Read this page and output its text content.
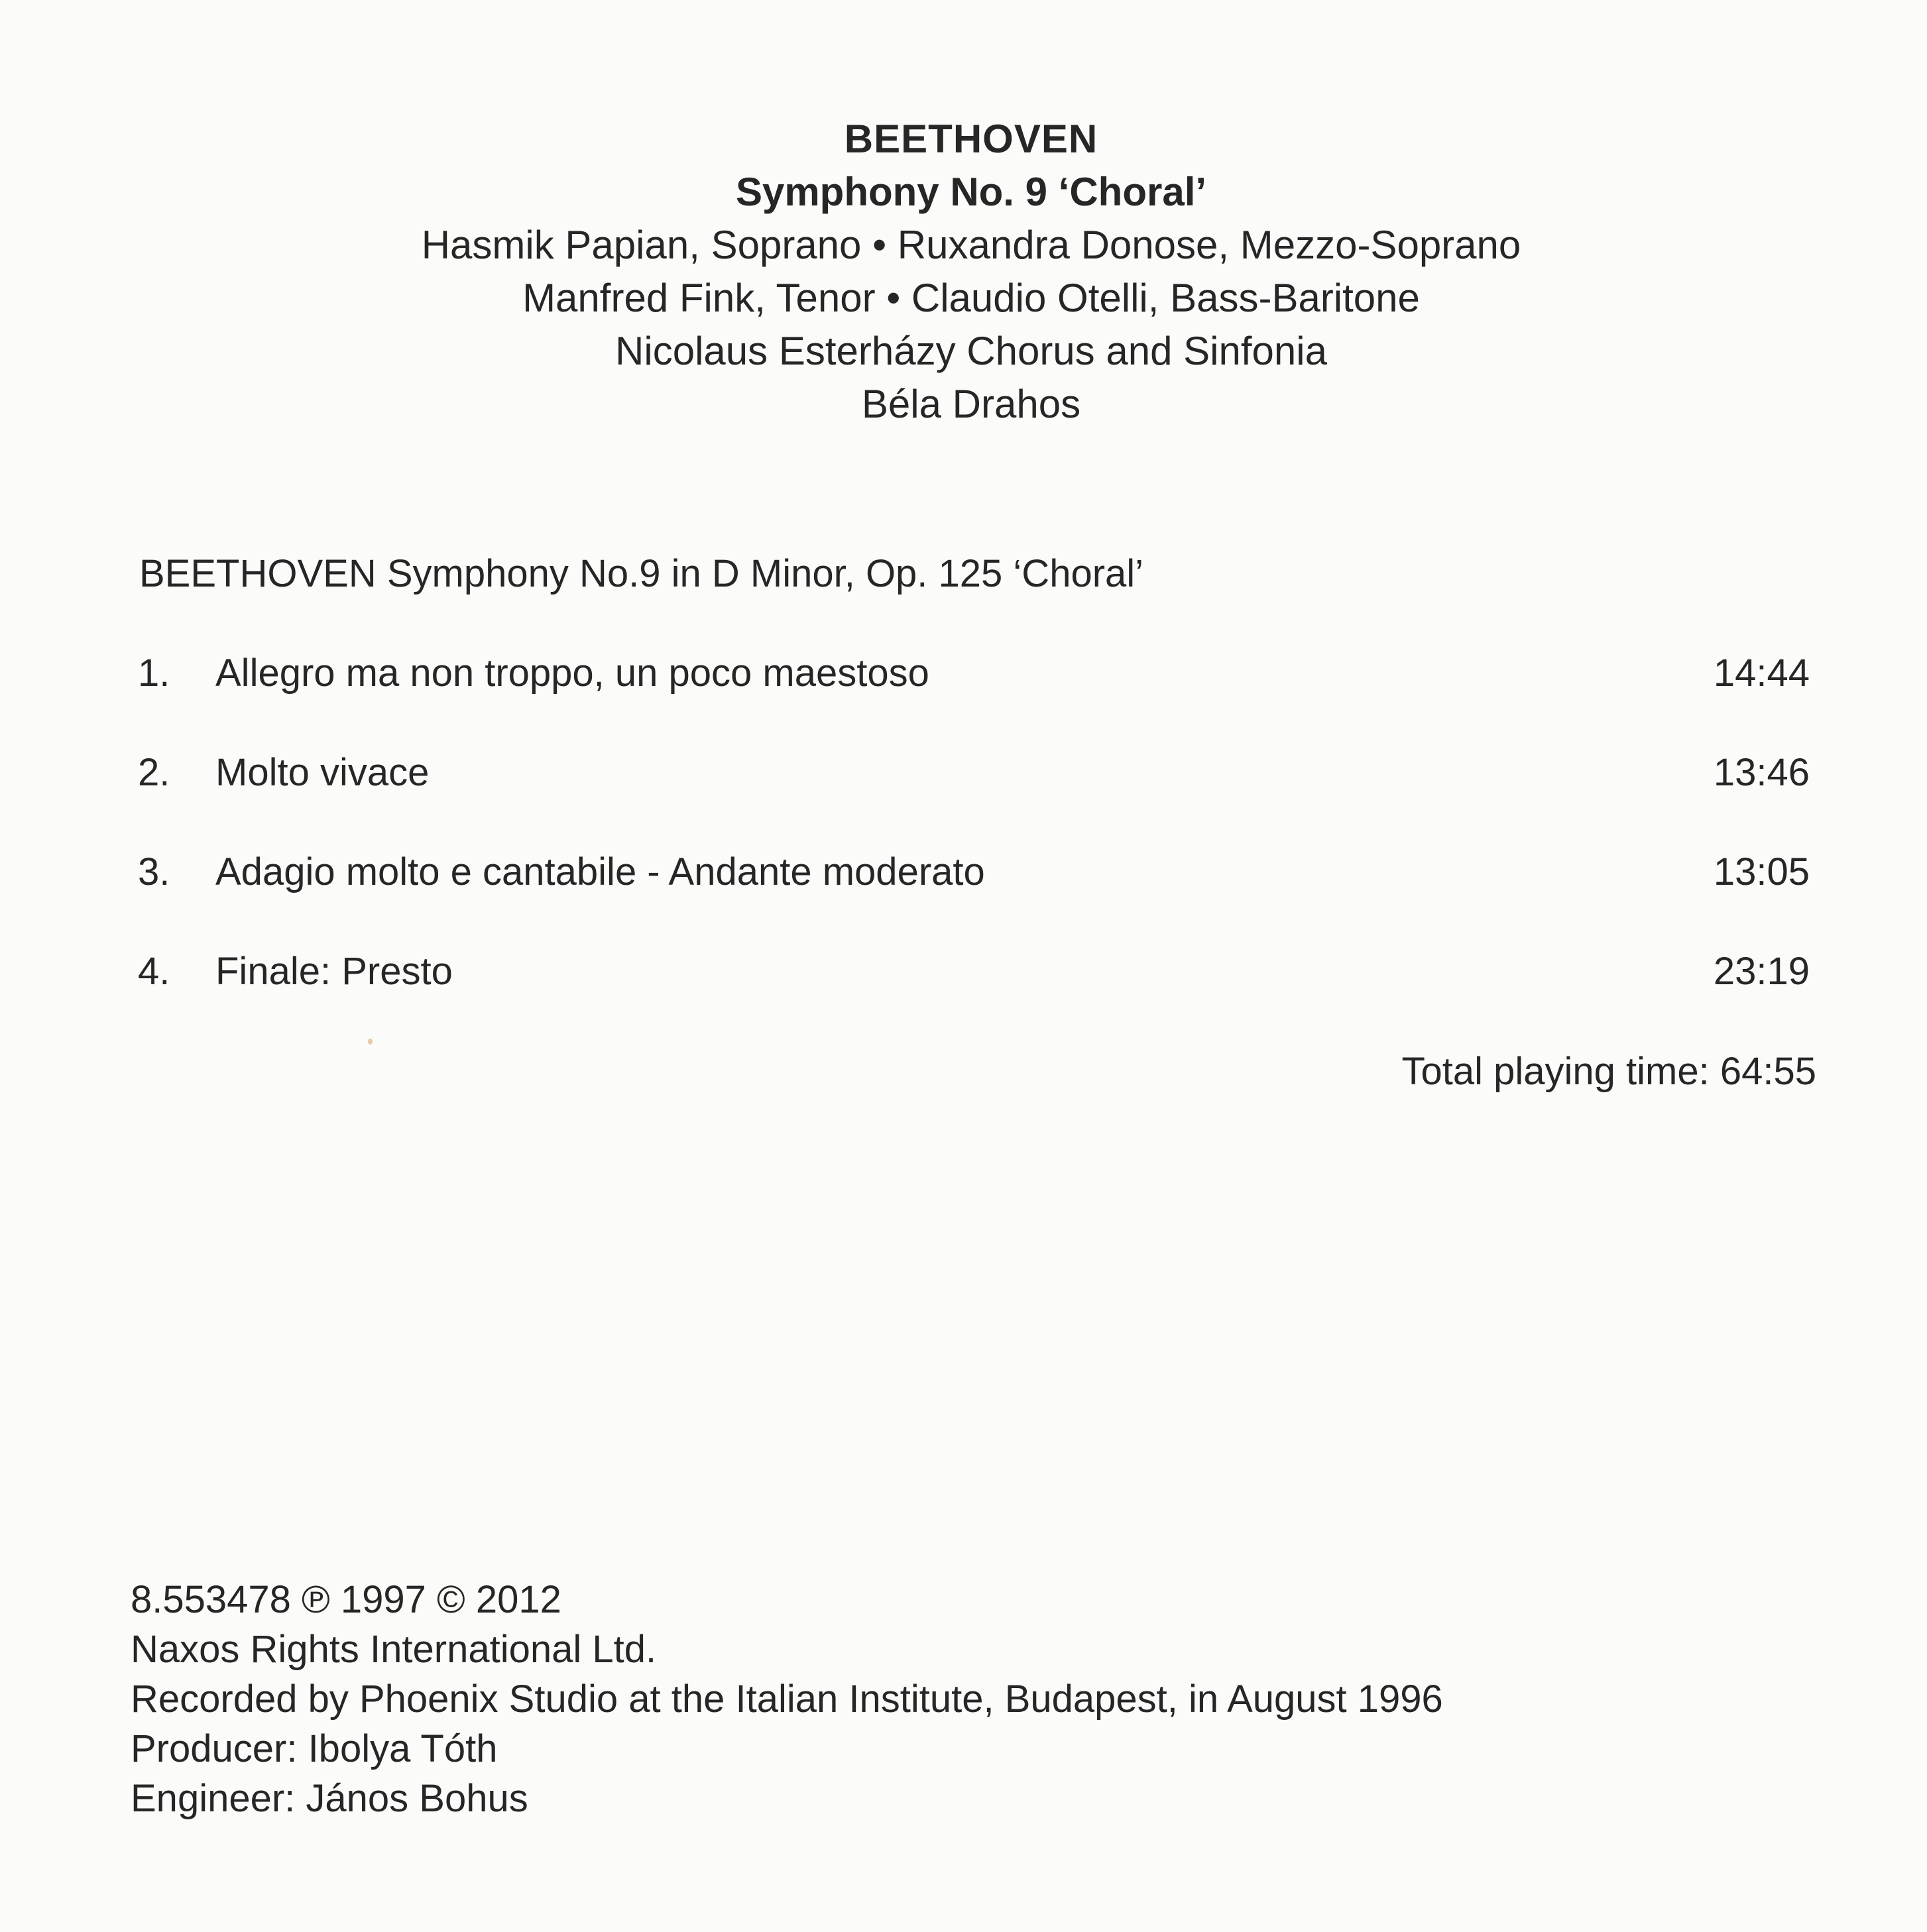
BEETHOVEN
Symphony No. 9 ‘Choral’
Hasmik Papian, Soprano • Ruxandra Donose, Mezzo-Soprano
Manfred Fink, Tenor • Claudio Otelli, Bass-Baritone
Nicolaus Esterházy Chorus and Sinfonia
Béla Drahos
BEETHOVEN Symphony No.9 in D Minor, Op. 125 ‘Choral’
1. Allegro ma non troppo, un poco maestoso	14:44
2. Molto vivace	13:46
3. Adagio molto e cantabile - Andante moderato	13:05
4. Finale: Presto	23:19
Total playing time: 64:55
8.553478 ℗ 1997 © 2012
Naxos Rights International Ltd.
Recorded by Phoenix Studio at the Italian Institute, Budapest, in August 1996
Producer: Ibolya Tóth
Engineer: János Bohus
